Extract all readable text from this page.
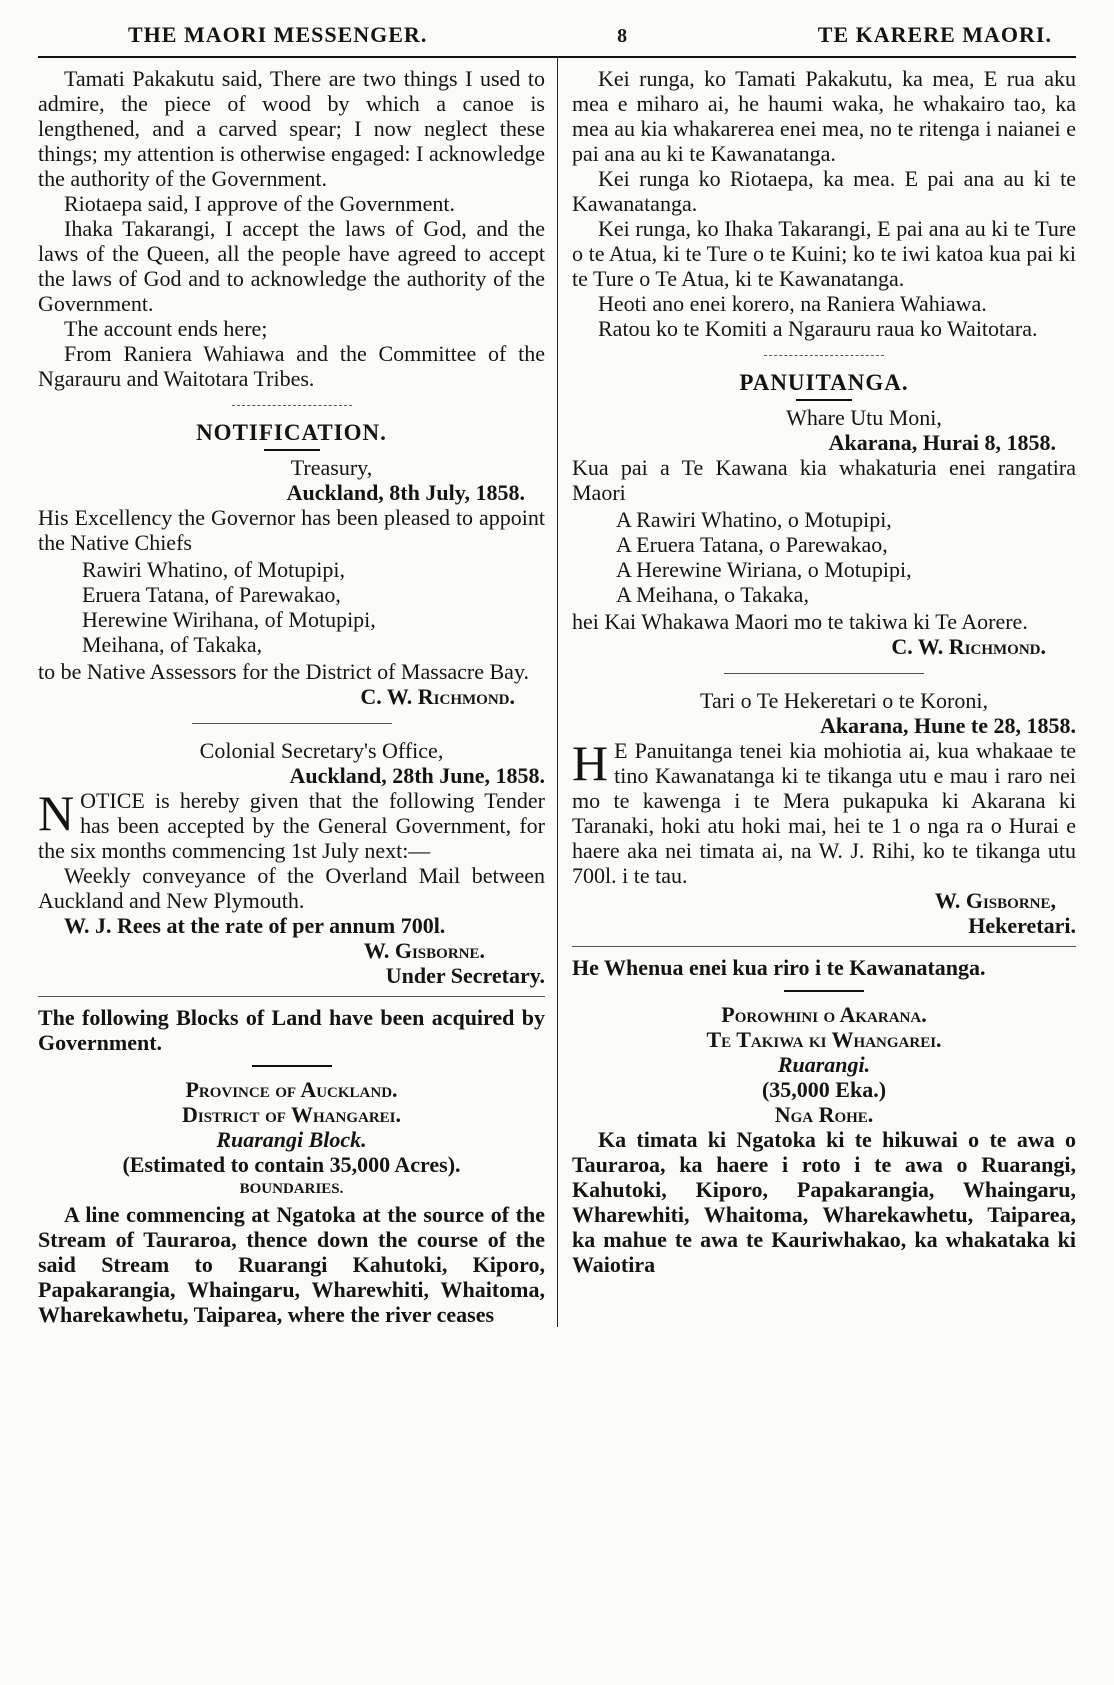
THE MAORI MESSENGER.	8	TE KARERE MAORI.

Tamati Pakakutu said, There are two things I used to admire, the piece of wood by which a canoe is lengthened, and a carved spear; I now neglect these things; my attention is otherwise engaged: I acknowledge the authority of the Government.

Riotaepa said, I approve of the Government.

Ihaka Takarangi, I accept the laws of God, and the laws of the Queen, all the people have agreed to accept the laws of God and to acknowledge the authority of the Government.

The account ends here;

From Raniera Wahiawa and the Committee of the Ngarauru and Waitotara Tribes.

NOTIFICATION.

Treasury,

Auckland, 8th July, 1858.

His Excellency the Governor has been pleased to appoint the Native Chiefs

Rawiri Whatino, of Motupipi,
Eruera Tatana, of Parewakao,
Herewine Wirihana, of Motupipi,
Meihana, of Takaka,

to be Native Assessors for the District of Massacre Bay.

C. W. Richmond.

Colonial Secretary's Office,

Auckland, 28th June, 1858.

NOTICE is hereby given that the following Tender has been accepted by the General Government, for the six months commencing 1st July next:—

Weekly conveyance of the Overland Mail between Auckland and New Plymouth.

W. J. Rees at the rate of per annum 700l.

W. Gisborne.

Under Secretary.

The following Blocks of Land have been acquired by Government.

Province of Auckland.

District of Whangarei.

Ruarangi Block.

(Estimated to contain 35,000 Acres).

BOUNDARIES.

A line commencing at Ngatoka at the source of the Stream of Tauraroa, thence down the course of the said Stream to Ruarangi Kahutoki, Kiporo, Papakarangia, Whaingaru, Wharewhiti, Whaitoma, Wharekawhetu, Taiparea, where the river ceases

Kei runga, ko Tamati Pakakutu, ka mea, E rua aku mea e miharo ai, he haumi waka, he whakairo tao, ka mea au kia whakarerea enei mea, no te ritenga i naianei e pai ana au ki te Kawanatanga.

Kei runga ko Riotaepa, ka mea. E pai ana au ki te Kawanatanga.

Kei runga, ko Ihaka Takarangi, E pai ana au ki te Ture o te Atua, ki te Ture o te Kuini; ko te iwi katoa kua pai ki te Ture o Te Atua, ki te Kawanatanga.

Heoti ano enei korero, na Raniera Wahiawa.

Ratou ko te Komiti a Ngarauru raua ko Waitotara.

PANUITANGA.

Whare Utu Moni,

Akarana, Hurai 8, 1858.

Kua pai a Te Kawana kia whakaturia enei rangatira Maori

A Rawiri Whatino, o Motupipi,
A Eruera Tatana, o Parewakao,
A Herewine Wiriana, o Motupipi,
A Meihana, o Takaka,

hei Kai Whakawa Maori mo te takiwa ki Te Aorere.

C. W. Richmond.

Tari o Te Hekeretari o te Koroni,

Akarana, Hune te 28, 1858.

H E Panuitanga tenei kia mohiotia ai, kua whakaae te tino Kawanatanga ki te tikanga utu e mau i raro nei mo te kawenga i te Mera pukapuka ki Akarana ki Taranaki, hoki atu hoki mai, hei te 1 o nga ra o Hurai e haere aka nei timata ai, na W. J. Rihi, ko te tikanga utu 700l. i te tau.

W. Gisborne,

Hekeretari.

He Whenua enei kua riro i te Kawanatanga.

Porowhini o Akarana.

Te Takiwa ki Whangarei.

Ruarangi.

(35,000 Eka.)

Nga Rohe.

Ka timata ki Ngatoka ki te hikuwai o te awa o Tauraroa, ka haere i roto i te awa o Ruarangi, Kahutoki, Kiporo, Papakarangia, Whaingaru, Wharewhiti, Whaitoma, Wharekawhetu, Taiparea, ka mahue te awa te Kauriwhakao, ka whakataka ki Waiotira
